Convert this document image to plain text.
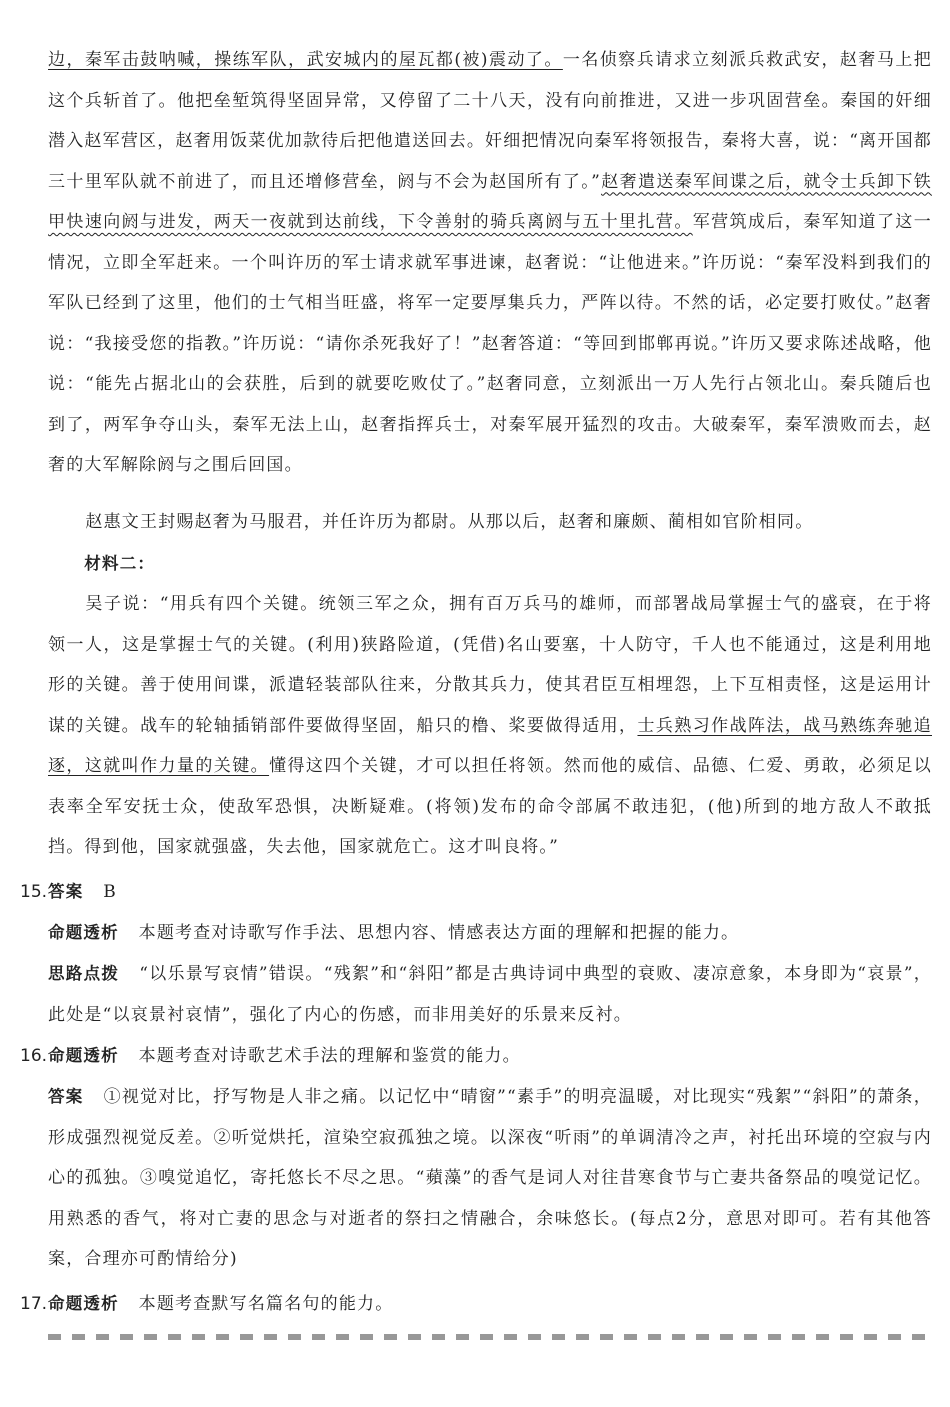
边，秦军击鼓呐喊，操练军队，武安城内的屋瓦都(被)震动了。一名侦察兵请求立刻派兵救武安，赵奢马上把这个兵斩首了。他把垒堑筑得坚固异常，又停留了二十八天，没有向前推进，又进一步巩固营垒。秦国的奸细潜入赵军营区，赵奢用饭菜优加款待后把他遣送回去。奸细把情况向秦军将领报告，秦将大喜，说：“离开国都三十里军队就不前进了，而且还增修营垒，阏与不会为赵国所有了。”赵奢遣送秦军间谍之后，就令士兵卸下铁甲快速向阏与进发，两天一夜就到达前线，下令善射的骑兵离阏与五十里扎营。军营筑成后，秦军知道了这一情况，立即全军赶来。一个叫许历的军士请求就军事进谏，赵奢说：“让他进来。”许历说：“秦军没料到我们的军队已经到了这里，他们的士气相当旺盛，将军一定要厚集兵力，严阵以待。不然的话，必定要打败仗。”赵奢说：“我接受您的指教。”许历说：“请你杀死我好了！”赵奢答道：“等回到邯郸再说。”许历又要求陈述战略，他说：“能先占据北山的会获胜，后到的就要吃败仗了。”赵奢同意，立刻派出一万人先行占领北山。秦兵随后也到了，两军争夺山头，秦军无法上山，赵奢指挥兵士，对秦军展开猛烈的攻击。大破秦军，秦军溃败而去，赵奢的大军解除阏与之围后回国。
赵惠文王封赐赵奢为马服君，并任许历为都尉。从那以后，赵奢和廉颇、蔺相如官阶相同。
材料二：
吴子说：“用兵有四个关键。统领三军之众，拥有百万兵马的雄师，而部署战局掌握士气的盛衰，在于将领一人，这是掌握士气的关键。(利用)狭路险道，(凭借)名山要塞，十人防守，千人也不能通过，这是利用地形的关键。善于使用间谍，派遣轻装部队往来，分散其兵力，使其君臣互相埋怨，上下互相责怪，这是运用计谋的关键。战车的轮轴插销部件要做得坚固，船只的橹、桨要做得适用，士兵熟习作战阵法，战马熟练奔驰追逐，这就叫作力量的关键。懂得这四个关键，才可以担任将领。然而他的威信、品德、仁爱、勇敢，必须足以表率全军安抚士众，使敌军恐惧，决断疑难。(将领)发布的命令部属不敢违犯，(他)所到的地方敌人不敢抵挡。得到他，国家就强盛，失去他，国家就危亡。这才叫良将。”
15. 答案 B
命题透析 本题考查对诗歌写作手法、思想内容、情感表达方面的理解和把握的能力。
思路点拨 “以乐景写哀情”错误。“残絮”和“斜阳”都是古典诗词中典型的衰败、凄凉意象，本身即为“哀景”，此处是“以哀景衬哀情”，强化了内心的伤感，而非用美好的乐景来反衬。
16. 命题透析 本题考查对诗歌艺术手法的理解和鉴赏的能力。
答案 ①视觉对比，抒写物是人非之痛。以记忆中“晴窗”“素手”的明亮温暖，对比现实“残絮”“斜阳”的萧条，形成强烈视觉反差。②听觉烘托，渲染空寂孤独之境。以深夜“听雨”的单调清冷之声，衬托出环境的空寂与内心的孤独。③嗅觉追忆，寄托悠长不尽之思。“蘋藻”的香气是词人对往昔寒食节与亡妻共备祭品的嗅觉记忆。用熟悉的香气，将对亡妻的思念与对逝者的祭扫之情融合，余味悠长。(每点2分，意思对即可。若有其他答案，合理亦可酌情给分)
17. 命题透析 本题考查默写名篇名句的能力。
